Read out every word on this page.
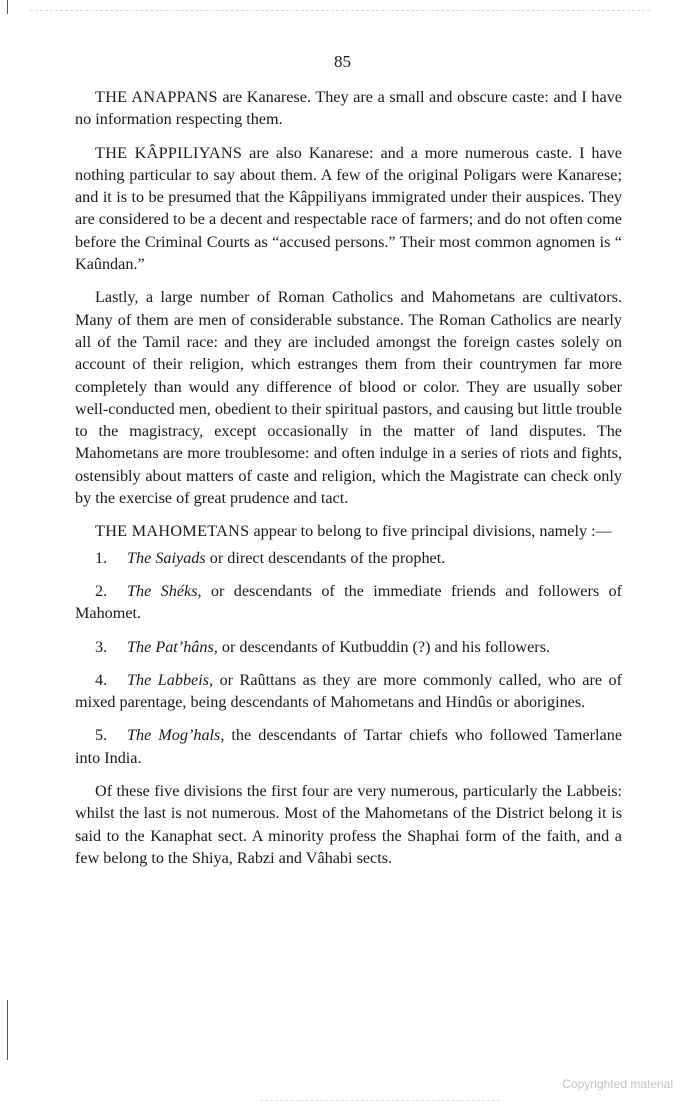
85

THE ANAPPANS are Kanarese. They are a small and obscure caste: and I have no information respecting them.

THE KÂPPILIYANS are also Kanarese: and a more numerous caste. I have nothing particular to say about them. A few of the original Poligars were Kanarese; and it is to be presumed that the Kâppiliyans immigrated under their auspices. They are considered to be a decent and respectable race of farmers; and do not often come before the Criminal Courts as “accused persons.” Their most common agnomen is “ Kaûndan.”

Lastly, a large number of Roman Catholics and Mahometans are cultivators. Many of them are men of considerable substance. The Roman Catholics are nearly all of the Tamil race: and they are included amongst the foreign castes solely on account of their religion, which estranges them from their countrymen far more completely than would any difference of blood or color. They are usually sober well-conducted men, obedient to their spiritual pastors, and causing but little trouble to the magistracy, except occasionally in the matter of land disputes. The Mahometans are more troublesome: and often indulge in a series of riots and fights, ostensibly about matters of caste and religion, which the Magistrate can check only by the exercise of great prudence and tact.

THE MAHOMETANS appear to belong to five principal divisions, namely :—

1. The Saiyads or direct descendants of the prophet.

2. The Shéks, or descendants of the immediate friends and followers of Mahomet.

3. The Pat’hâns, or descendants of Kutbuddin (?) and his followers.

4. The Labbeis, or Raûttans as they are more commonly called, who are of mixed parentage, being descendants of Mahometans and Hindûs or aborigines.

5. The Mog’hals, the descendants of Tartar chiefs who followed Tamerlane into India.

Of these five divisions the first four are very numerous, particularly the Labbeis: whilst the last is not numerous. Most of the Mahometans of the District belong it is said to the Kanaphat sect. A minority profess the Shaphai form of the faith, and a few belong to the Shiya, Rabzi and Vâhabi sects.

Copyrighted material
